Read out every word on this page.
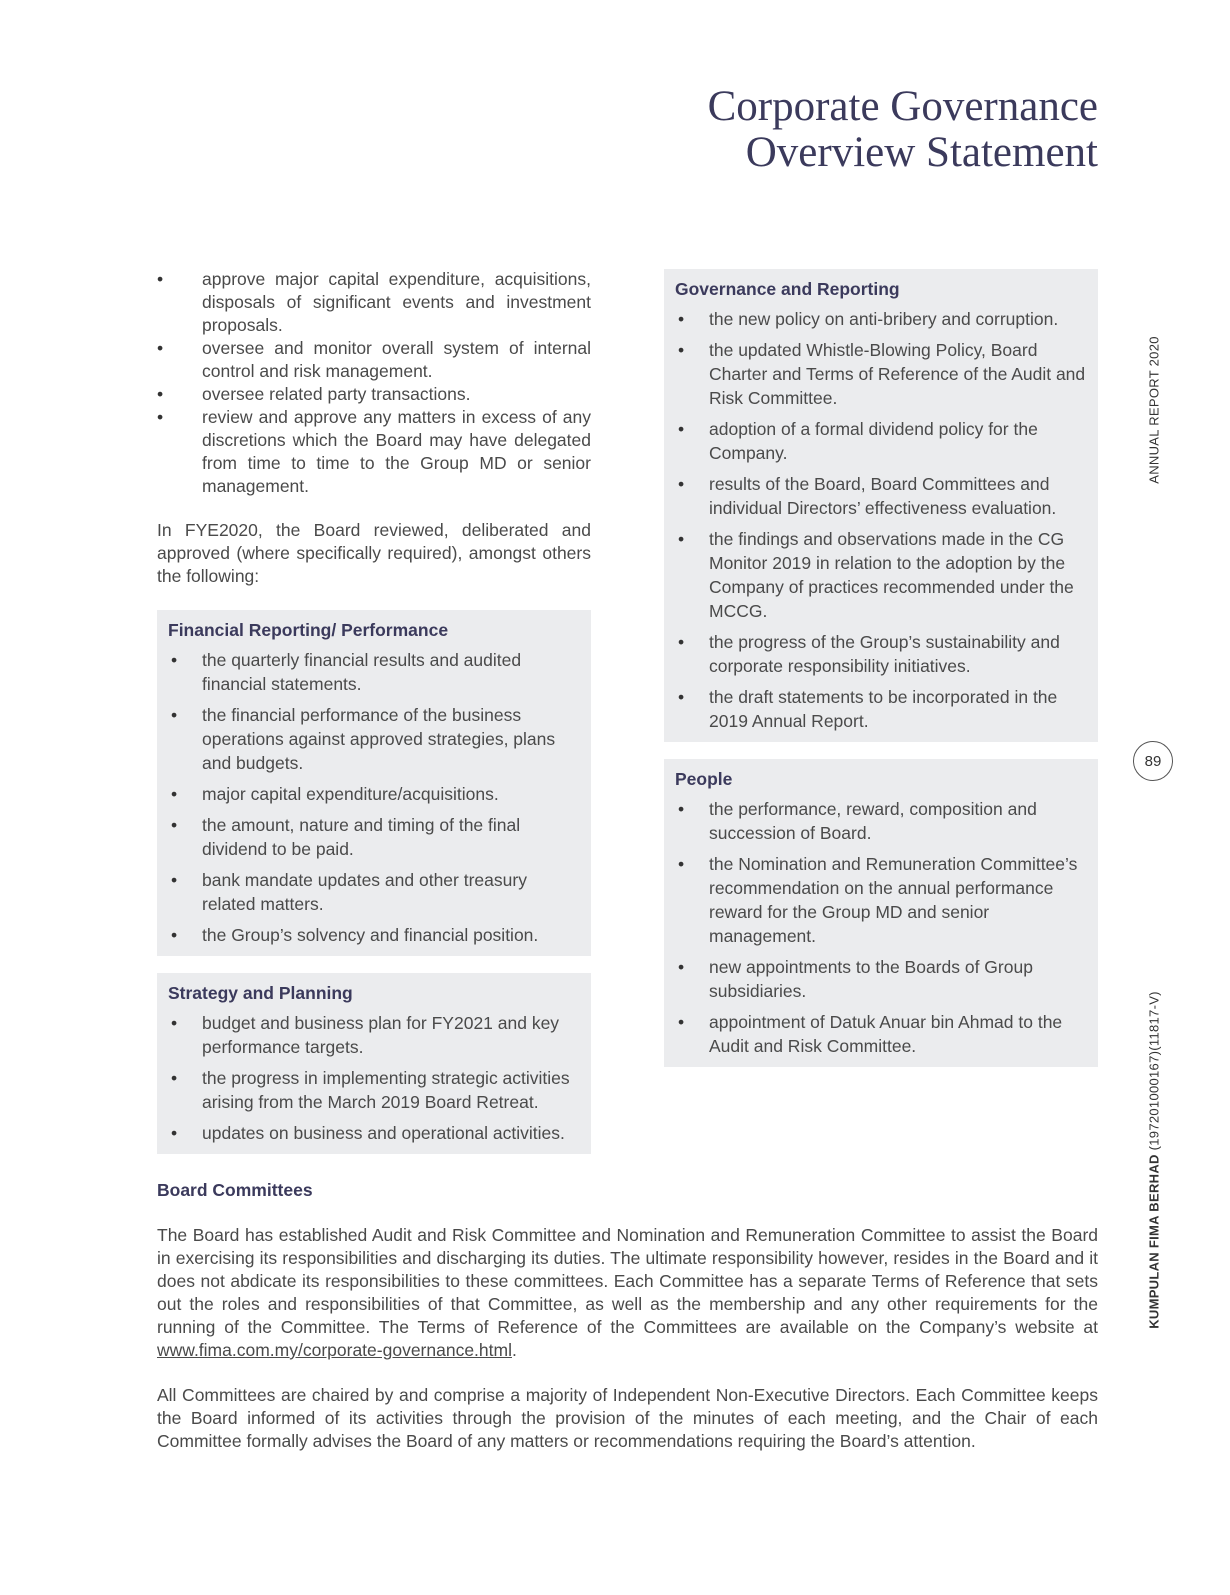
Corporate Governance
Overview Statement
• approve major capital expenditure, acquisitions, disposals of significant events and investment proposals.
• oversee and monitor overall system of internal control and risk management.
• oversee related party transactions.
• review and approve any matters in excess of any discretions which the Board may have delegated from time to time to the Group MD or senior management.

In FYE2020, the Board reviewed, deliberated and approved (where specifically required), amongst others the following:

Financial Reporting/ Performance
• the quarterly financial results and audited financial statements.
• the financial performance of the business operations against approved strategies, plans and budgets.
• major capital expenditure/acquisitions.
• the amount, nature and timing of the final dividend to be paid.
• bank mandate updates and other treasury related matters.
• the Group’s solvency and financial position.
Strategy and Planning
• budget and business plan for FY2021 and key performance targets.
• the progress in implementing strategic activities arising from the March 2019 Board Retreat.
• updates on business and operational activities.
Governance and Reporting
• the new policy on anti-bribery and corruption.
• the updated Whistle-Blowing Policy, Board Charter and Terms of Reference of the Audit and Risk Committee.
• adoption of a formal dividend policy for the Company.
• results of the Board, Board Committees and individual Directors’ effectiveness evaluation.
• the findings and observations made in the CG Monitor 2019 in relation to the adoption by the Company of practices recommended under the MCCG.
• the progress of the Group’s sustainability and corporate responsibility initiatives.
• the draft statements to be incorporated in the 2019 Annual Report.
People
• the performance, reward, composition and succession of Board.
• the Nomination and Remuneration Committee’s recommendation on the annual performance reward for the Group MD and senior management.
• new appointments to the Boards of Group subsidiaries.
• appointment of Datuk Anuar bin Ahmad to the Audit and Risk Committee.
ANNUAL REPORT 2020
89
KUMPULAN FIMA BERHAD (197201000167)(11817-V)
Board Committees

The Board has established Audit and Risk Committee and Nomination and Remuneration Committee to assist the Board in exercising its responsibilities and discharging its duties. The ultimate responsibility however, resides in the Board and it does not abdicate its responsibilities to these committees. Each Committee has a separate Terms of Reference that sets out the roles and responsibilities of that Committee, as well as the membership and any other requirements for the running of the Committee. The Terms of Reference of the Committees are available on the Company’s website at www.fima.com.my/corporate-governance.html.

All Committees are chaired by and comprise a majority of Independent Non-Executive Directors. Each Committee keeps the Board informed of its activities through the provision of the minutes of each meeting, and the Chair of each Committee formally advises the Board of any matters or recommendations requiring the Board’s attention.
